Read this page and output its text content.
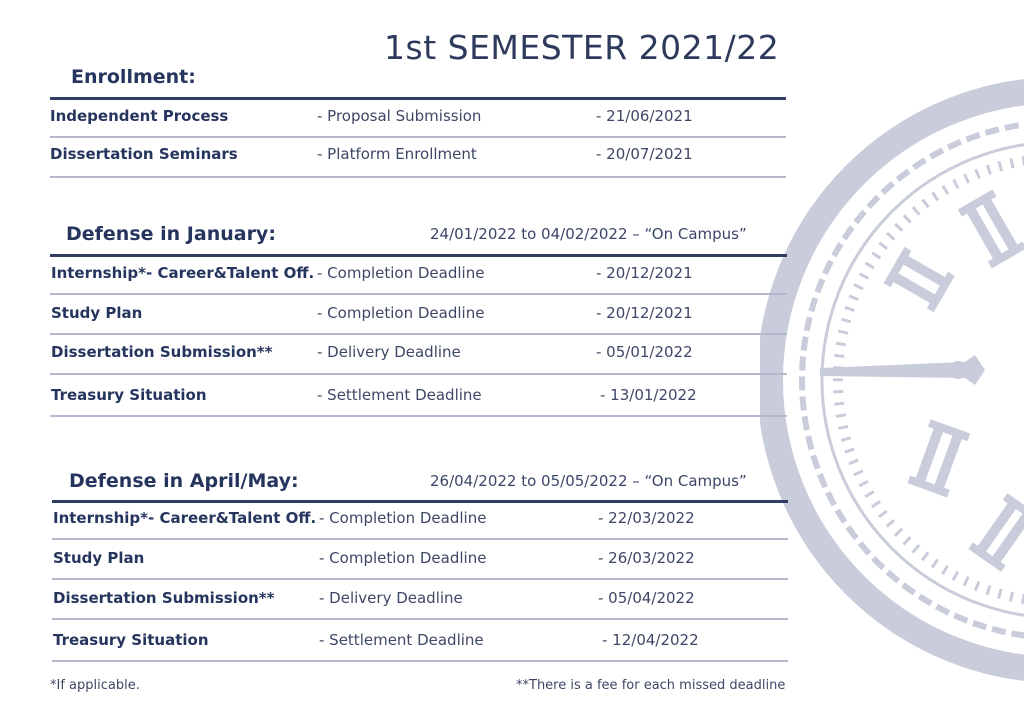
1st SEMESTER 2021/22
Enrollment:
Independent Process	- Proposal Submission	- 21/06/2021
Dissertation Seminars	- Platform Enrollment	- 20/07/2021
Defense in January:	24/01/2022 to 04/02/2022 – “On Campus”
Internship*- Career&Talent Off. - Completion Deadline	- 20/12/2021
Study Plan	- Completion Deadline	- 20/12/2021
Dissertation Submission**	- Delivery Deadline	- 05/01/2022
Treasury Situation	- Settlement Deadline	- 13/01/2022
Defense in April/May:	26/04/2022 to 05/05/2022 – “On Campus”
Internship*- Career&Talent Off. - Completion Deadline	- 22/03/2022
Study Plan	- Completion Deadline	- 26/03/2022
Dissertation Submission**	- Delivery Deadline	- 05/04/2022
Treasury Situation	- Settlement Deadline	- 12/04/2022
*If applicable.	**There is a fee for each missed deadline
